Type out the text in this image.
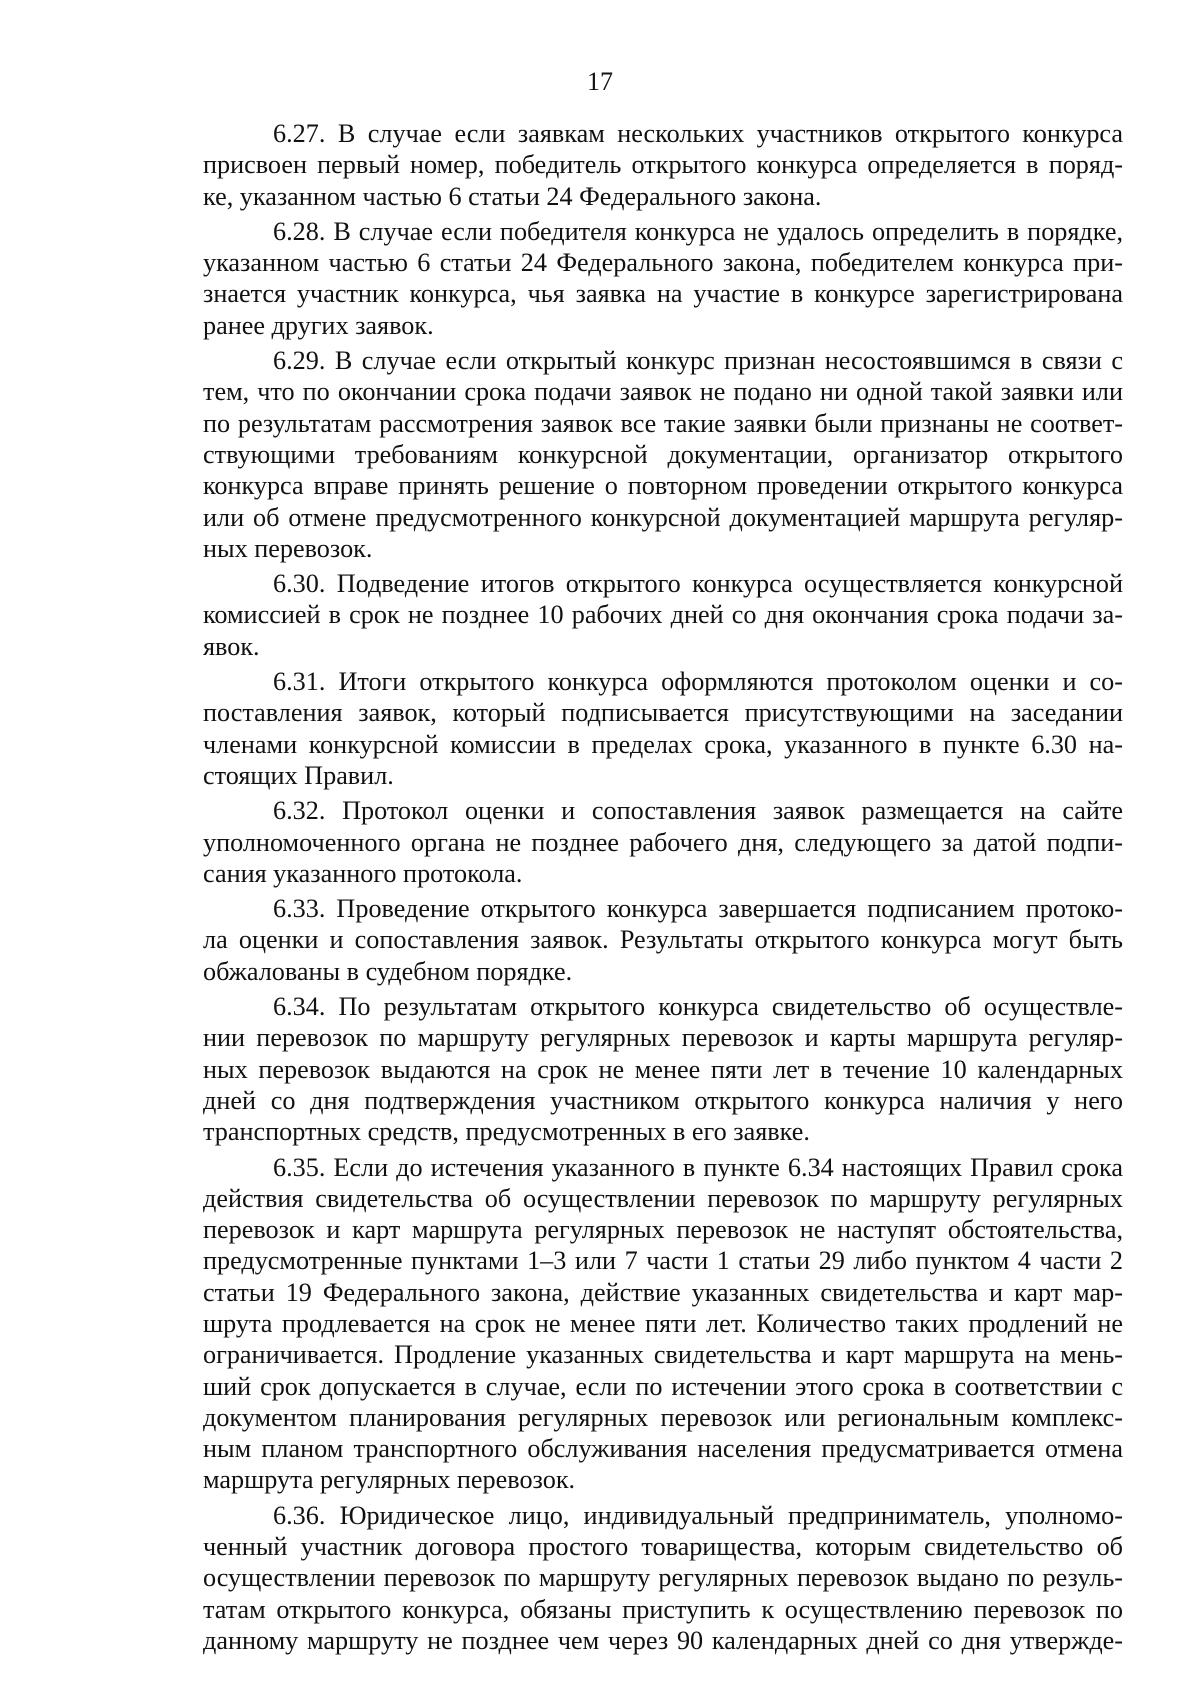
17
6.27. В случае если заявкам нескольких участников открытого конкурса
присвоен первый номер, победитель открытого конкурса определяется в поряд-
ке, указанном частью 6 статьи 24 Федерального закона.
6.28. В случае если победителя конкурса не удалось определить в порядке,
указанном частью 6 статьи 24 Федерального закона, победителем конкурса при-
знается участник конкурса, чья заявка на участие в конкурсе зарегистрирована
ранее других заявок.
6.29. В случае если открытый конкурс признан несостоявшимся в связи с
тем, что по окончании срока подачи заявок не подано ни одной такой заявки или
по результатам рассмотрения заявок все такие заявки были признаны не соответ-
ствующими требованиям конкурсной документации, организатор открытого
конкурса вправе принять решение о повторном проведении открытого конкурса
или об отмене предусмотренного конкурсной документацией маршрута регуляр-
ных перевозок.
6.30. Подведение итогов открытого конкурса осуществляется конкурсной
комиссией в срок не позднее 10 рабочих дней со дня окончания срока подачи за-
явок.
6.31. Итоги открытого конкурса оформляются протоколом оценки и со-
поставления заявок, который подписывается присутствующими на заседании
членами конкурсной комиссии в пределах срока, указанного в пункте 6.30 на-
стоящих Правил.
6.32. Протокол оценки и сопоставления заявок размещается на сайте
уполномоченного органа не позднее рабочего дня, следующего за датой подпи-
сания указанного протокола.
6.33. Проведение открытого конкурса завершается подписанием протоко-
ла оценки и сопоставления заявок. Результаты открытого конкурса могут быть
обжалованы в судебном порядке.
6.34. По результатам открытого конкурса свидетельство об осуществле-
нии перевозок по маршруту регулярных перевозок и карты маршрута регуляр-
ных перевозок выдаются на срок не менее пяти лет в течение 10 календарных
дней со дня подтверждения участником открытого конкурса наличия у него
транспортных средств, предусмотренных в его заявке.
6.35. Если до истечения указанного в пункте 6.34 настоящих Правил срока
действия свидетельства об осуществлении перевозок по маршруту регулярных
перевозок и карт маршрута регулярных перевозок не наступят обстоятельства,
предусмотренные пунктами 1–3 или 7 части 1 статьи 29 либо пунктом 4 части 2
статьи 19 Федерального закона, действие указанных свидетельства и карт мар-
шрута продлевается на срок не менее пяти лет. Количество таких продлений не
ограничивается. Продление указанных свидетельства и карт маршрута на мень-
ший срок допускается в случае, если по истечении этого срока в соответствии с
документом планирования регулярных перевозок или региональным комплекс-
ным планом транспортного обслуживания населения предусматривается отмена
маршрута регулярных перевозок.
6.36. Юридическое лицо, индивидуальный предприниматель, уполномо-
ченный участник договора простого товарищества, которым свидетельство об
осуществлении перевозок по маршруту регулярных перевозок выдано по резуль-
татам открытого конкурса, обязаны приступить к осуществлению перевозок по
данному маршруту не позднее чем через 90 календарных дней со дня утвержде-
